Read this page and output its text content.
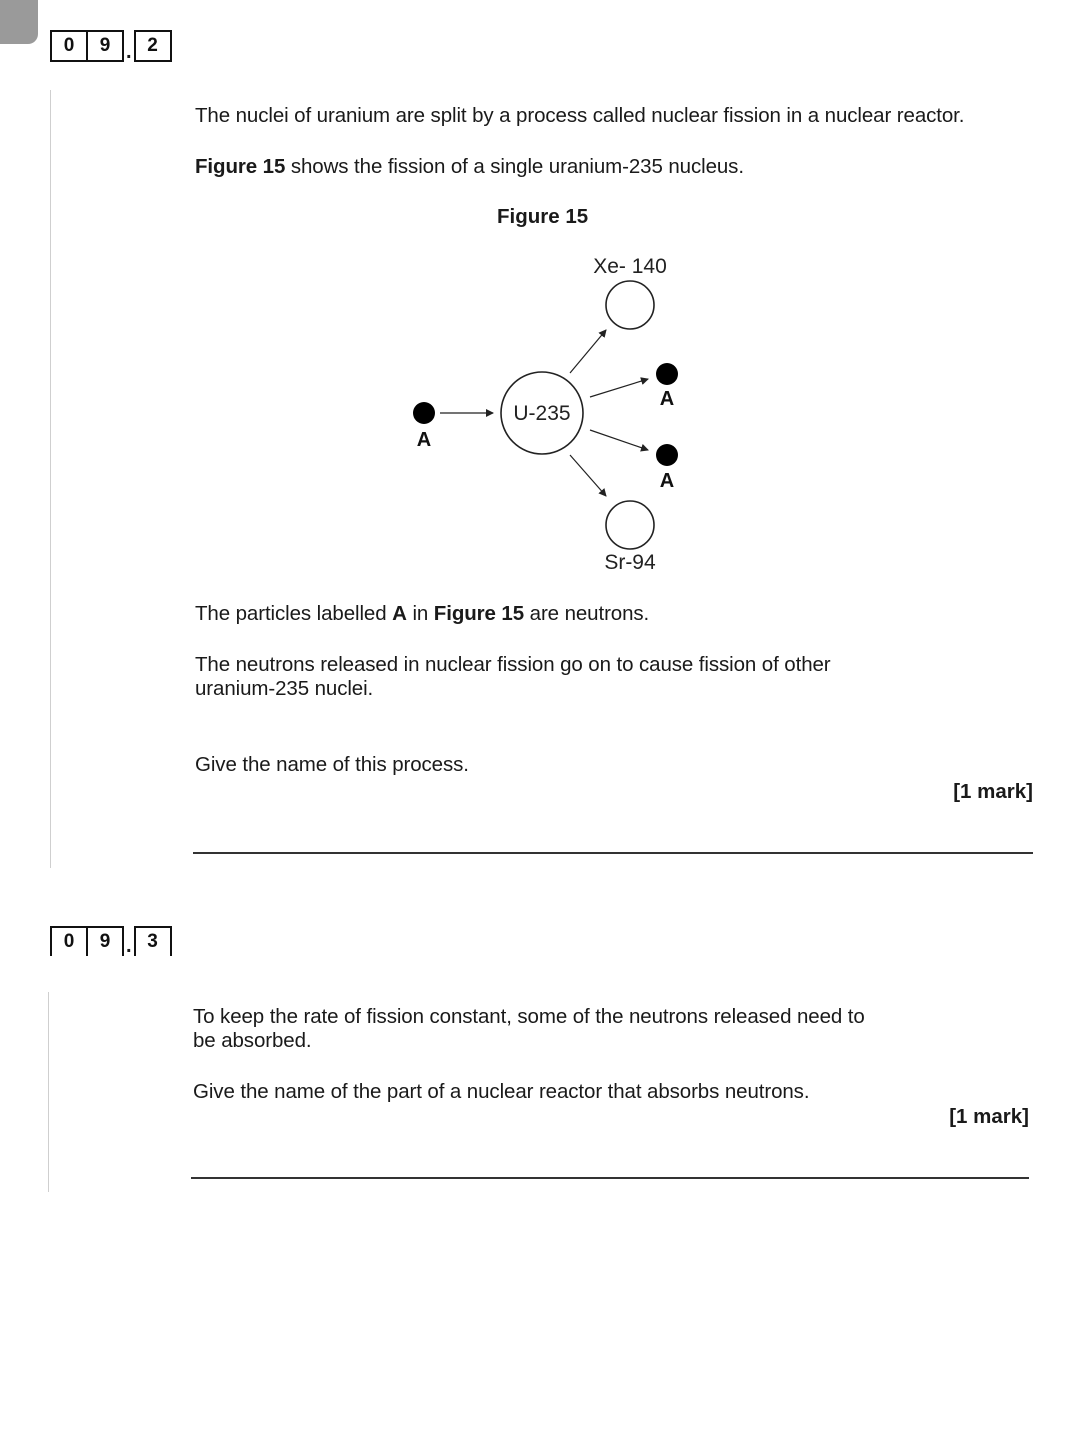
0	9 . 2

The nuclei of uranium are split by a process called nuclear fission in a nuclear reactor.

Figure 15 shows the fission of a single uranium-235 nucleus.

Figure 15
A
U-235
Xe- 140
A
A
Sr-94

The particles labelled A in Figure 15 are neutrons.

The neutrons released in nuclear fission go on to cause fission of other

uranium-235 nuclei.

Give the name of this process.

[1 mark]
0	9 . 3

To keep the rate of fission constant, some of the neutrons released need to

be absorbed.

Give the name of the part of a nuclear reactor that absorbs neutrons.

[1 mark]
